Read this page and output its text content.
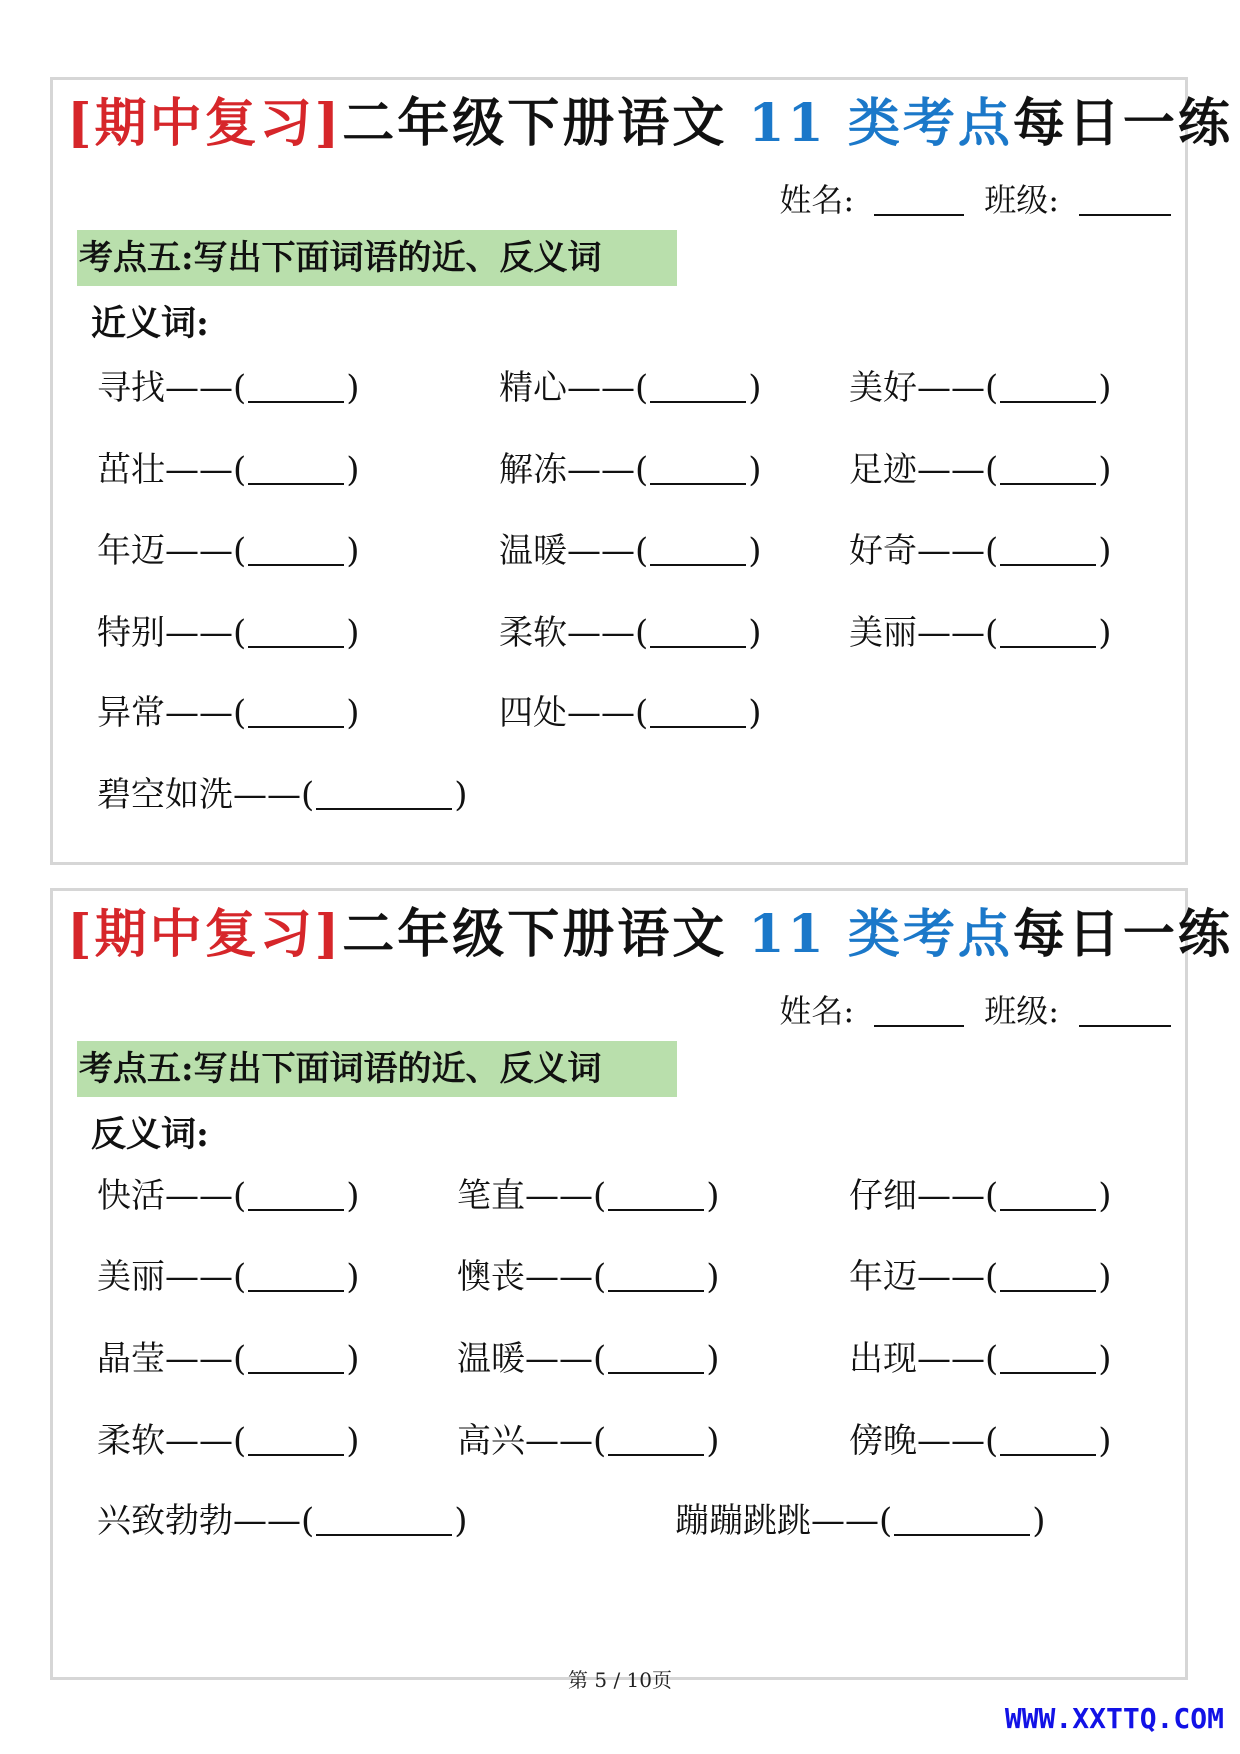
[期中复习]二年级下册语文 11 类考点每日一练
姓名:	班级:
考点五:写出下面词语的近、反义词
近义词:
寻找——(	)	精心——(	)	美好——(	)
茁壮——(	)	解冻——(	)	足迹——(	)
年迈——(	)	温暖——(	)	好奇——(	)
特别——(	)	柔软——(	)	美丽——(	)
异常——(	)	四处——(	)
碧空如洗——(	)
[期中复习]二年级下册语文 11 类考点每日一练
姓名:	班级:
考点五:写出下面词语的近、反义词
反义词:
快活——(	)	笔直——(	)	仔细——(	)
美丽——(	)	懊丧——(	)	年迈——(	)
晶莹——(	)	温暖——(	)	出现——(	)
柔软——(	)	高兴——(	)	傍晚——(	)
兴致勃勃——(	)	蹦蹦跳跳——(	)
第 5 / 10页
WWW.XXTTQ.COM
